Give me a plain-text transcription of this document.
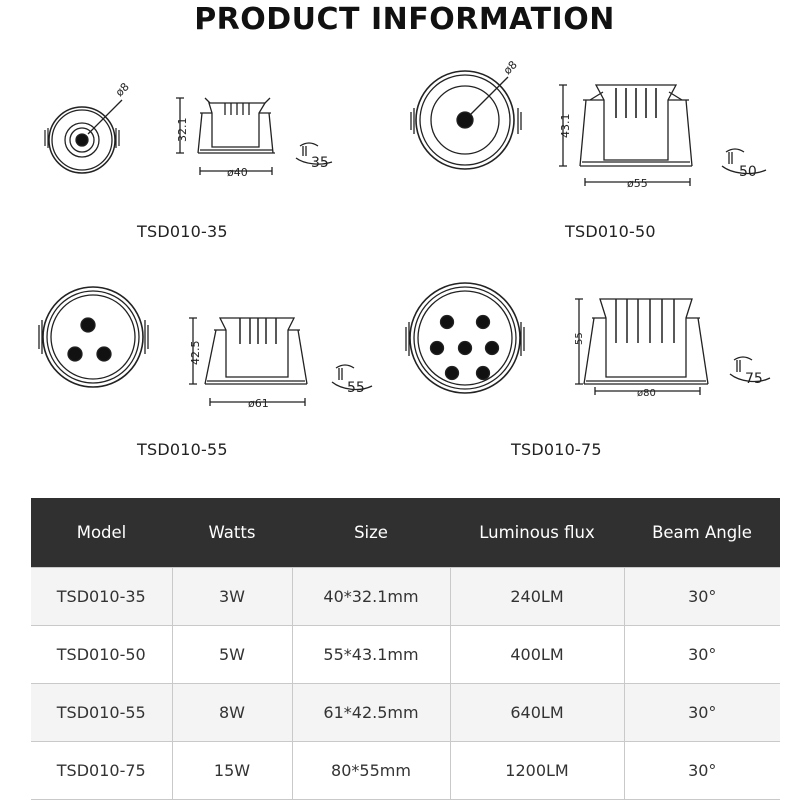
PRODUCT INFORMATION
ø8
32.1
ø40
35
ø8
43.1
ø55
50
42.5
ø61
55
55
ø80
75
TSD010-35	TSD010-50
TSD010-55	TSD010-75
Model	Watts	Size	Luminous flux	Beam Angle
TSD010-35	3W	40*32.1mm	240LM	30°
TSD010-50	5W	55*43.1mm	400LM	30°
TSD010-55	8W	61*42.5mm	640LM	30°
TSD010-75	15W	80*55mm	1200LM	30°
